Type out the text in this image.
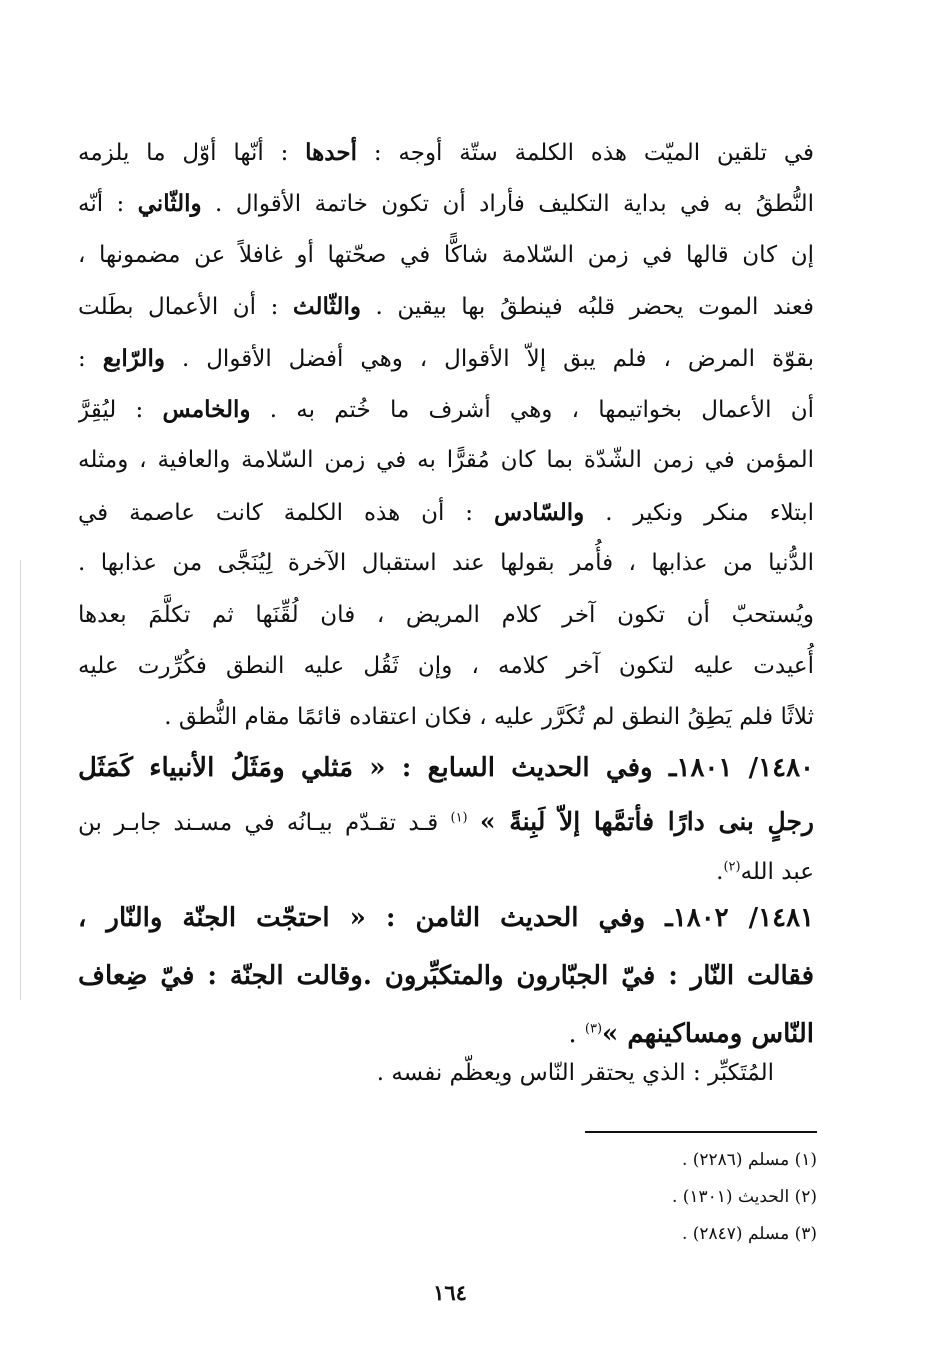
في تلقين الميّت هذه الكلمة ستّة أوجه : أحدها : أنّها أوّل ما يلزمه
النُّطقُ به في بداية التكليف فأراد أن تكون خاتمة الأقوال . والثّاني : أنّه
إن كان قالها في زمن السّلامة شاكًّا في صحّتها أو غافلاً عن مضمونها ،
فعند الموت يحضر قلبُه فينطقُ بها بيقين . والثّالث : أن الأعمال بطَلت
بقوّة المرض ، فلم يبق إلاّ الأقوال ، وهي أفضل الأقوال . والرّابع :
أن الأعمال بخواتيمها ، وهي أشرف ما خُتم به . والخامس : ليُقِرَّ
المؤمن في زمن الشّدّة بما كان مُقرًّا به في زمن السّلامة والعافية ، ومثله
ابتلاء منكر ونكير . والسّادس : أن هذه الكلمة كانت عاصمة في
الدُّنيا من عذابها ، فأُمر بقولها عند استقبال الآخرة لِيُنَجَّى من عذابها .
ويُستحبّ أن تكون آخر كلام المريض ، فان لُقِّنَها ثم تكلَّمَ بعدها
أُعيدت عليه لتكون آخر كلامه ، وإن ثَقُل عليه النطق فكُرِّرت عليه
ثلاثًا فلم يَطِقُ النطق لم تُكَرَّر عليه ، فكان اعتقاده قائمًا مقام النُّطق .
١٤٨٠/ ١٨٠١ـ وفي الحديث السابع : « مَثلي ومَثَلُ الأنبياء كَمَثَل
رجلٍ بنى دارًا فأتمَّها إلاّ لَبِنةً » $^{(١)}$ قـد تقـدّم بيـانُه في مسـند جابـر بن
عبد الله$^{(٢)}$.
١٤٨١/ ١٨٠٢ـ وفي الحديث الثامن : « احتجّت الجنّة والنّار ،
فقالت النّار : فيّ الجبّارون والمتكبِّرون .وقالت الجنّة : فيّ ضِعاف
النّاس ومساكينهم »$^{(٣)}$ .
المُتَكبِّر : الذي يحتقر النّاس ويعظّم نفسه .
(١) مسلم (٢٢٨٦) .
(٢) الحديث (١٣٠١) .
(٣) مسلم (٢٨٤٧) .
١٦٤
